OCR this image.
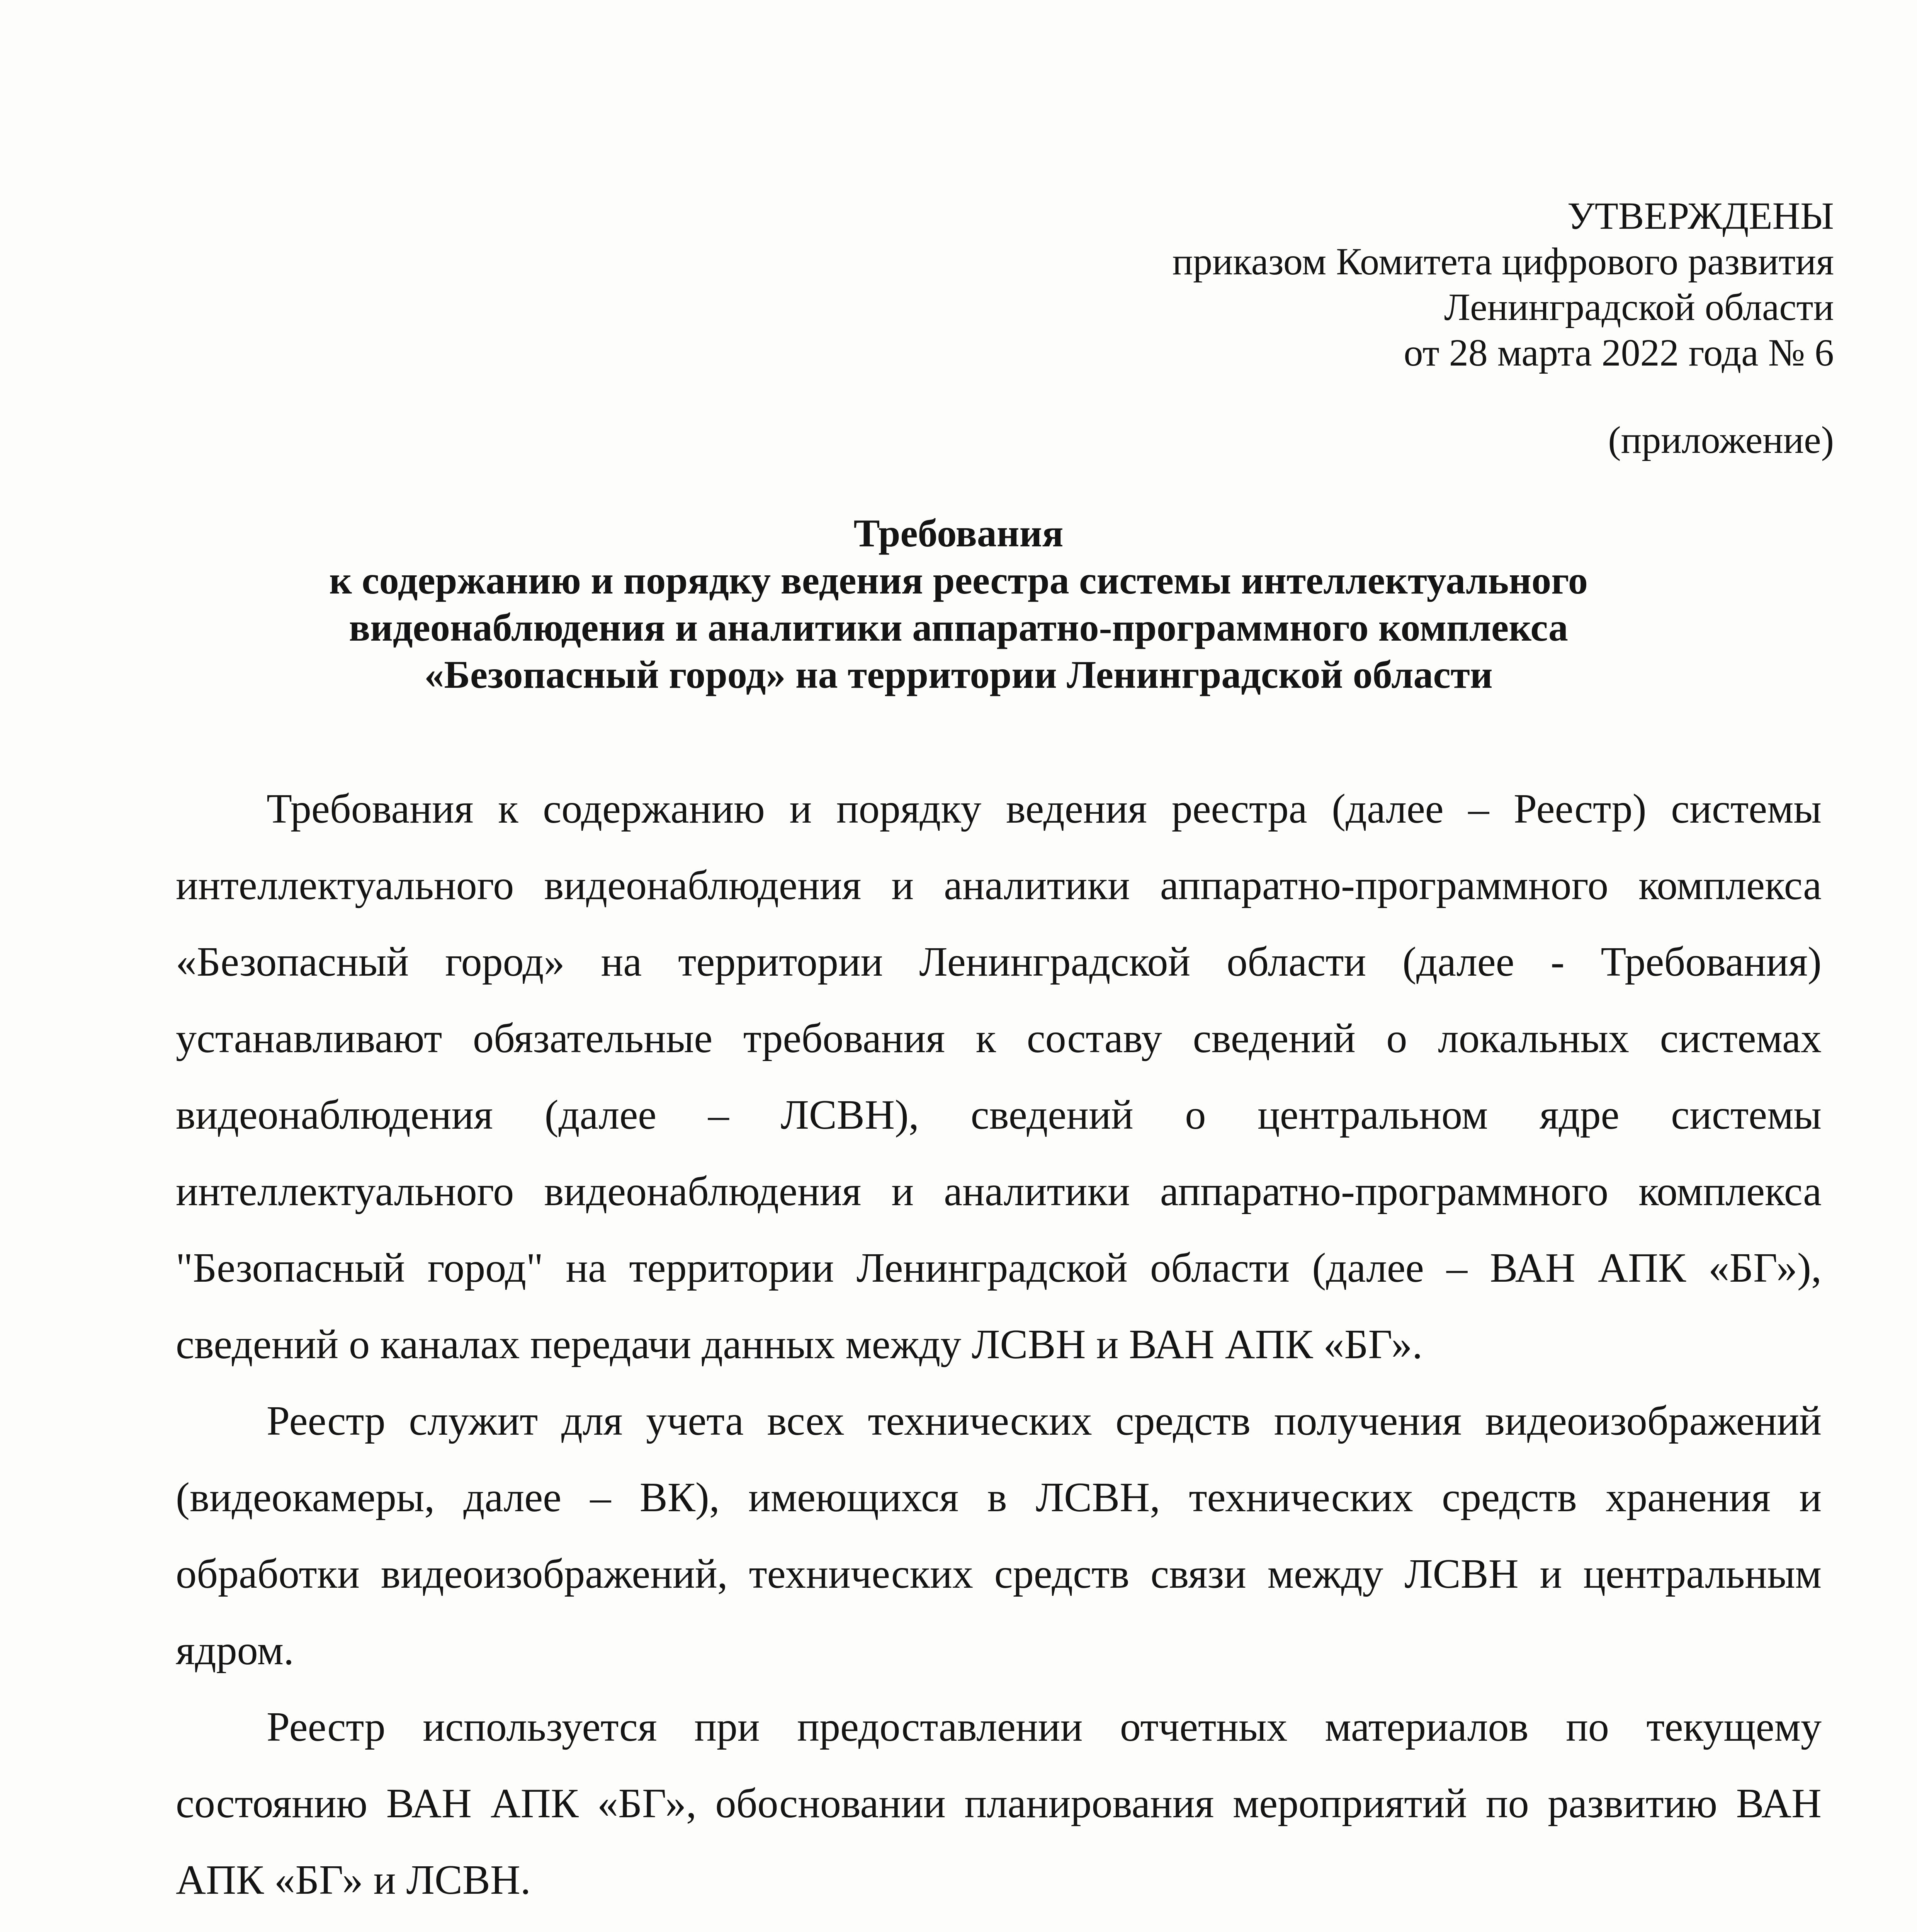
УТВЕРЖДЕНЫ
приказом Комитета цифрового развития
Ленинградской области
от 28 марта 2022 года № 6
(приложение)
Требования
к содержанию и порядку ведения реестра системы интеллектуального
видеонаблюдения и аналитики аппаратно-программного комплекса
«Безопасный город» на территории Ленинградской области

Требования к содержанию и порядку ведения реестра (далее – Реестр) системы интеллектуального видеонаблюдения и аналитики аппаратно-программного комплекса «Безопасный город» на территории Ленинградской области (далее - Требования) устанавливают обязательные требования к составу сведений о локальных системах видеонаблюдения (далее – ЛСВН), сведений о центральном ядре системы интеллектуального видеонаблюдения и аналитики аппаратно-программного комплекса "Безопасный город" на территории Ленинградской области (далее – ВАН АПК «БГ»), сведений о каналах передачи данных между ЛСВН и ВАН АПК «БГ».

Реестр служит для учета всех технических средств получения видеоизображений (видеокамеры, далее – ВК), имеющихся в ЛСВН, технических средств хранения и обработки видеоизображений, технических средств связи между ЛСВН и центральным ядром.

Реестр используется при предоставлении отчетных материалов по текущему состоянию ВАН АПК «БГ», обосновании планирования мероприятий по развитию ВАН АПК «БГ» и ЛСВН.
